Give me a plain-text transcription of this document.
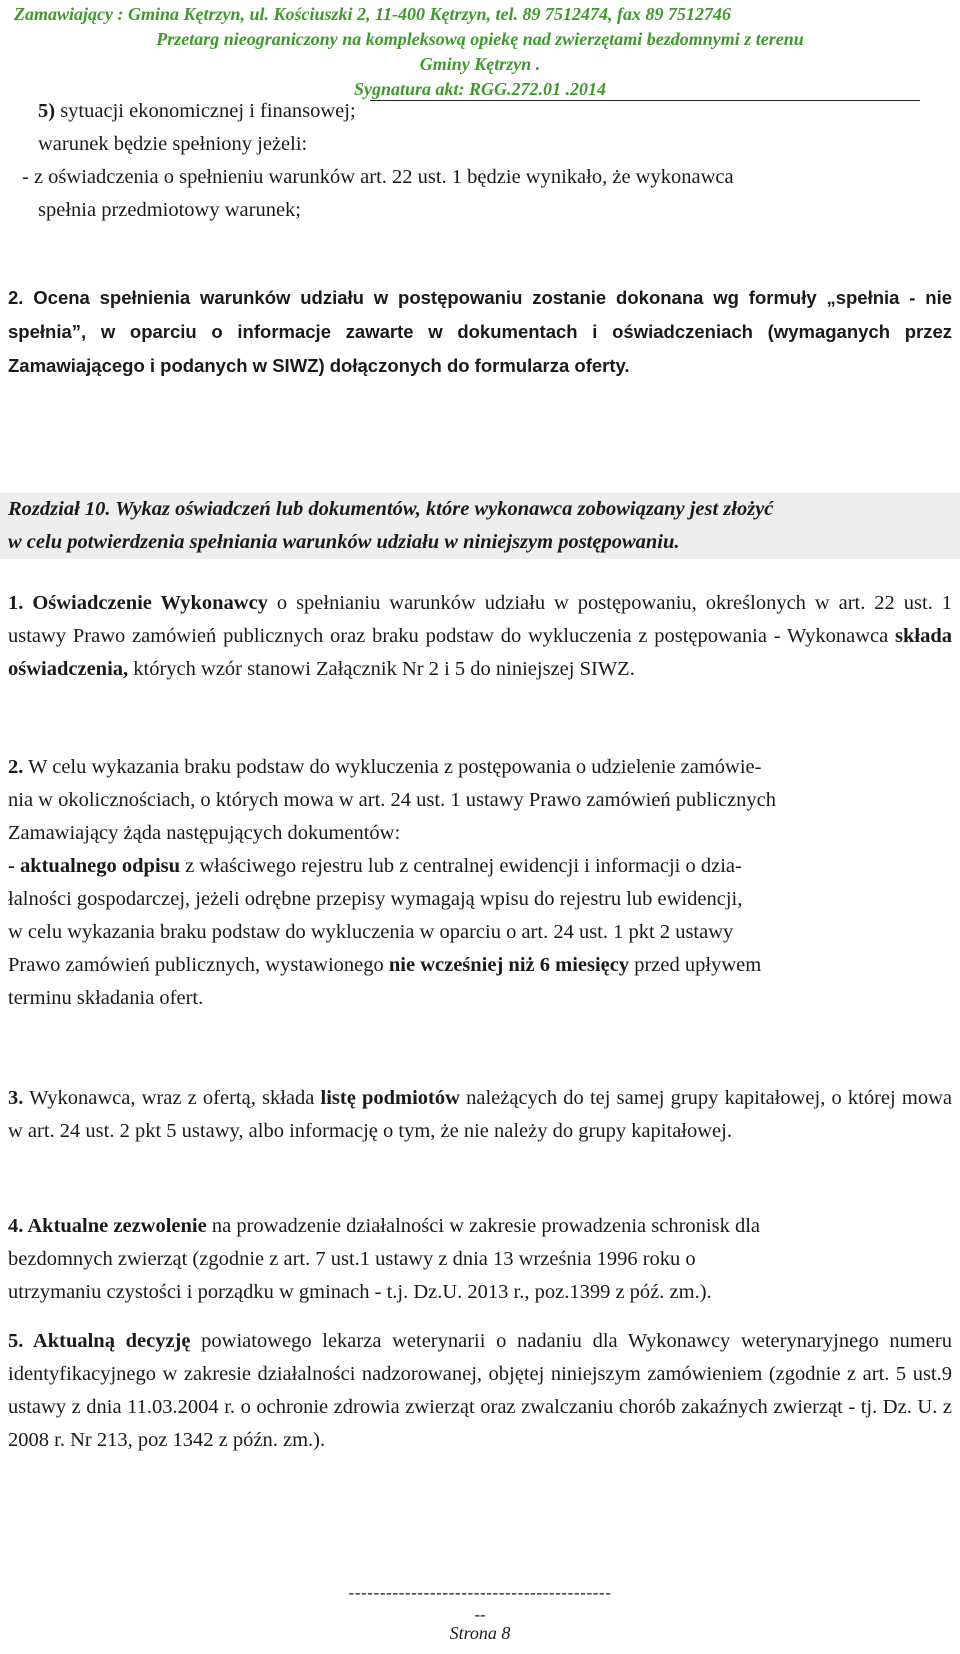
Zamawiający : Gmina Kętrzyn, ul. Kościuszki 2, 11-400 Kętrzyn, tel. 89 7512474, fax 89 7512746
Przetarg nieograniczony na kompleksową opiekę nad zwierzętami bezdomnymi z terenu
Gminy Kętrzyn .
Sygnatura akt: RGG.272.01 .2014
5) sytuacji ekonomicznej i finansowej;
warunek będzie spełniony jeżeli:
- z oświadczenia o spełnieniu warunków art. 22 ust. 1 będzie wynikało, że wykonawca
spełnia przedmiotowy warunek;
2. Ocena spełnienia warunków udziału w postępowaniu zostanie dokonana wg formuły „spełnia - nie spełnia”, w oparciu o informacje zawarte w dokumentach i oświadczeniach (wymaganych przez Zamawiającego i podanych w SIWZ) dołączonych do formularza oferty.
Rozdział 10. Wykaz oświadczeń lub dokumentów, które wykonawca zobowiązany jest złożyć
w celu potwierdzenia spełniania warunków udziału w niniejszym postępowaniu.
1. Oświadczenie Wykonawcy o spełnianiu warunków udziału w postępowaniu, określonych w art. 22 ust. 1 ustawy Prawo zamówień publicznych oraz braku podstaw do wykluczenia z postępowania - Wykonawca składa oświadczenia, których wzór stanowi Załącznik Nr 2 i 5 do niniejszej SIWZ.
2. W celu wykazania braku podstaw do wykluczenia z postępowania o udzielenie zamówie-
nia w okolicznościach, o których mowa w art. 24 ust. 1 ustawy Prawo zamówień publicznych
Zamawiający żąda następujących dokumentów:
- aktualnego odpisu z właściwego rejestru lub z centralnej ewidencji i informacji o dzia-
łalności gospodarczej, jeżeli odrębne przepisy wymagają wpisu do rejestru lub ewidencji,
w celu wykazania braku podstaw do wykluczenia w oparciu o art. 24 ust. 1 pkt 2 ustawy
Prawo zamówień publicznych, wystawionego nie wcześniej niż 6 miesięcy przed upływem
terminu składania ofert.
3. Wykonawca, wraz z ofertą, składa listę podmiotów należących do tej samej grupy kapitałowej, o której mowa w art. 24 ust. 2 pkt 5 ustawy, albo informację o tym, że nie należy do grupy kapitałowej.
4. Aktualne zezwolenie na prowadzenie działalności w zakresie prowadzenia schronisk dla
bezdomnych zwierząt (zgodnie z art. 7 ust.1 ustawy z dnia 13 września 1996 roku o
utrzymaniu czystości i porządku w gminach - t.j. Dz.U. 2013 r., poz.1399 z póź. zm.).
5. Aktualną decyzję powiatowego lekarza weterynarii o nadaniu dla Wykonawcy weterynaryjnego numeru identyfikacyjnego w zakresie działalności nadzorowanej, objętej niniejszym zamówieniem (zgodnie z art. 5 ust.9 ustawy z dnia 11.03.2004 r. o ochronie zdrowia zwierząt oraz zwalczaniu chorób zakaźnych zwierząt - tj. Dz. U. z 2008 r. Nr 213, poz 1342 z późn. zm.).
------------------------------------------
--
Strona 8
